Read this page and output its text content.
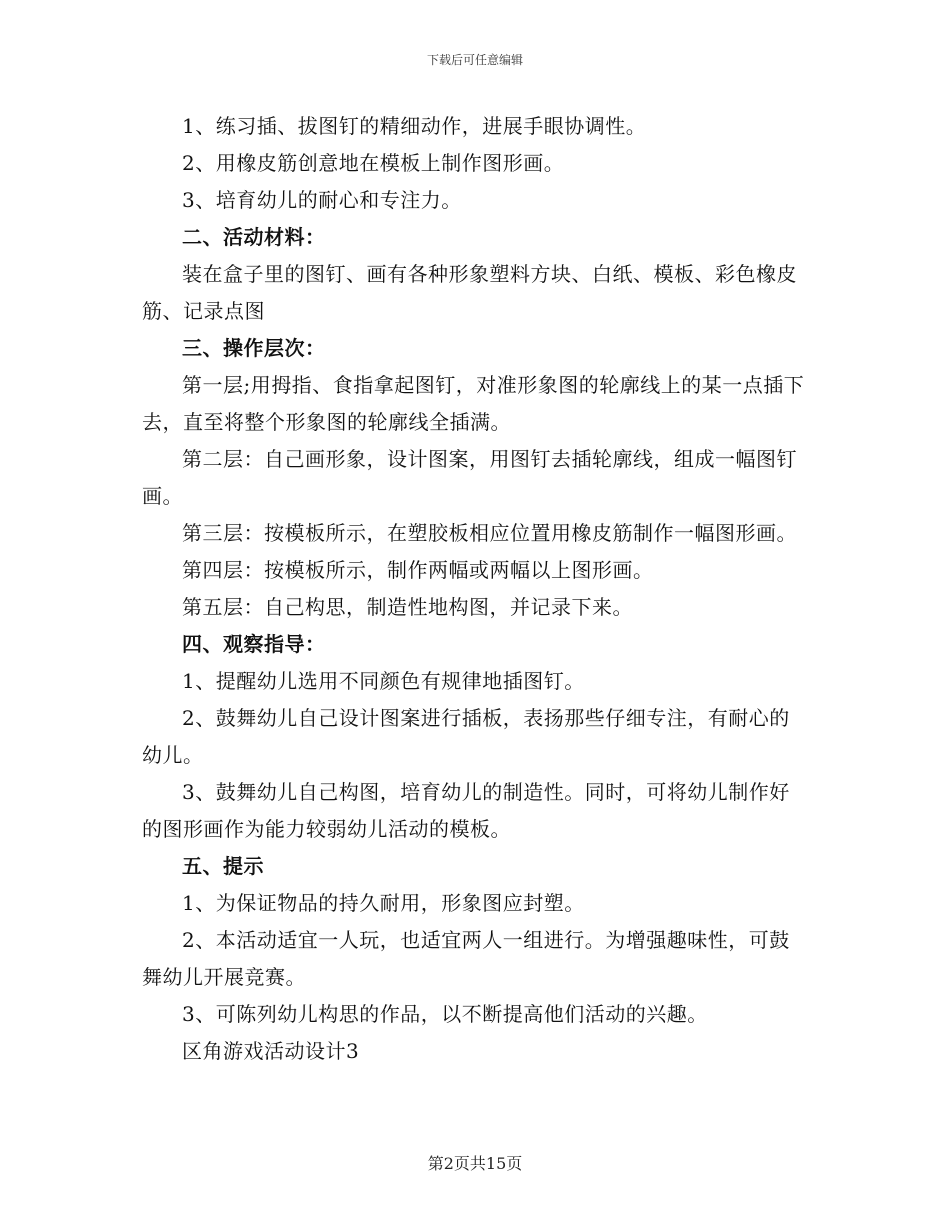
下载后可任意编辑

1、练习插、拔图钉的精细动作，进展手眼协调性。

2、用橡皮筋创意地在模板上制作图形画。

3、培育幼儿的耐心和专注力。

二、活动材料：

装在盒子里的图钉、画有各种形象塑料方块、白纸、模板、彩色橡皮筋、记录点图

三、操作层次：

第一层;用拇指、食指拿起图钉，对准形象图的轮廓线上的某一点插下去，直至将整个形象图的轮廓线全插满。

第二层：自己画形象，设计图案，用图钉去插轮廓线，组成一幅图钉画。

第三层：按模板所示，在塑胶板相应位置用橡皮筋制作一幅图形画。

第四层：按模板所示，制作两幅或两幅以上图形画。

第五层：自己构思，制造性地构图，并记录下来。

四、观察指导：

1、提醒幼儿选用不同颜色有规律地插图钉。

2、鼓舞幼儿自己设计图案进行插板，表扬那些仔细专注，有耐心的幼儿。

3、鼓舞幼儿自己构图，培育幼儿的制造性。同时，可将幼儿制作好的图形画作为能力较弱幼儿活动的模板。

五、提示

1、为保证物品的持久耐用，形象图应封塑。

2、本活动适宜一人玩，也适宜两人一组进行。为增强趣味性，可鼓舞幼儿开展竞赛。

3、可陈列幼儿构思的作品，以不断提高他们活动的兴趣。

区角游戏活动设计3

第2页共15页
